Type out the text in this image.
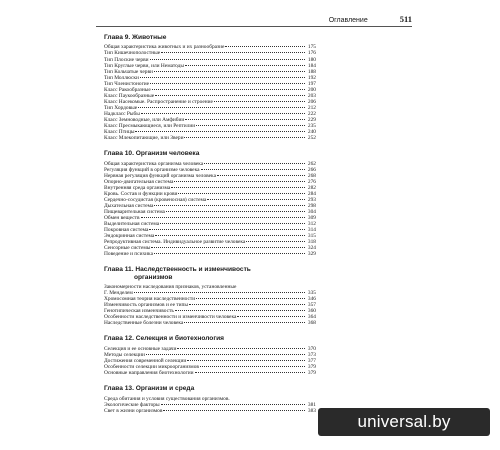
Оглавление	511
Глава 9. Животные
Общая характеристика животных и их разнообразие	175
Тип Кишечнополостные	176
Тип Плоские черви	180
Тип Круглые черви, или Нематоды	184
Тип Кольчатые черви	188
Тип Моллюски	192
Тип Членистоногие	197
Класс Ракообразные	200
Класс Паукообразные	203
Класс Насекомые. Распространение и строение	206
Тип Хордовые	212
Надкласс Рыбы	222
Класс Земноводные, или Амфибии	229
Класс Пресмыкающиеся, или Рептилии	235
Класс Птицы	240
Класс Млекопитающие, или Звери	252
Глава 10. Организм человека
Общая характеристика организма человека	262
Регуляция функций в организме человека	266
Нервная регуляция функций организма человека	268
Опорно-двигательная система	276
Внутренняя среда организма	282
Кровь. Состав и функции крови	284
Сердечно-сосудистая (кровеносная) система	293
Дыхательная система	298
Пищеварительная система	304
Обмен веществ	309
Выделительная система	312
Покровная система	314
Эндокринная система	315
Репродуктивная система. Индивидуальное развитие человека	318
Сенсорные системы	324
Поведение и психика	329
Глава 11. Наследственность и изменчивость
организмов
Закономерности наследования признаков, установленные
Г. Менделем	335
Хромосомная теория наследственности	346
Изменчивость организмов и ее типы	357
Генотипическая изменчивость	360
Особенности наследственности и изменчивости человека	364
Наследственные болезни человека	368
Глава 12. Селекция и биотехнология
Селекция и ее основные задачи	370
Методы селекции	373
Достижения современной селекции	377
Особенности селекции микроорганизмов	379
Основные направления биотехнологии	379
Глава 13. Организм и среда
Среда обитания и условия существования организмов.
Экологические факторы	381
Свет в жизни организмов	383
universal.by
